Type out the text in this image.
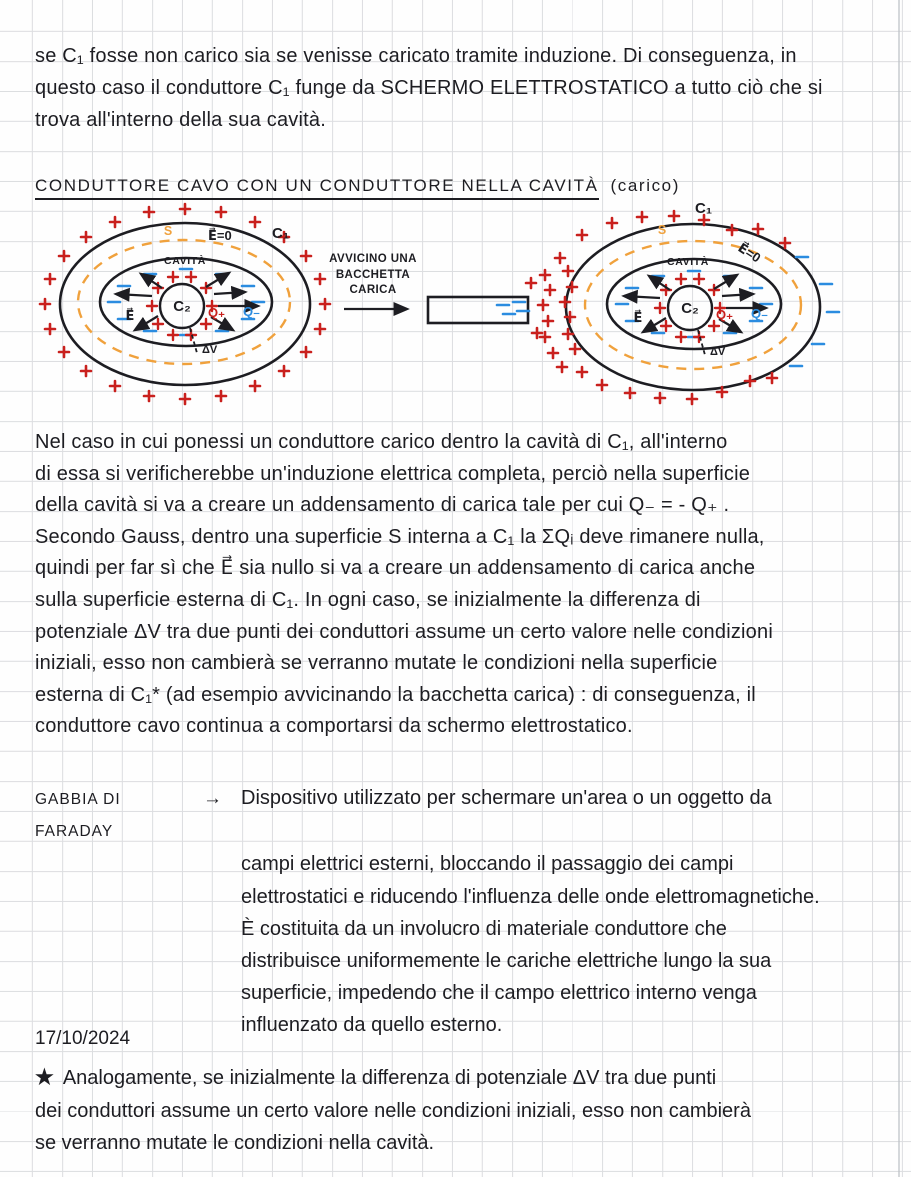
se C₁ fosse non carico sia se venisse caricato tramite induzione. Di conseguenza, in
questo caso il conduttore C₁ funge da SCHERMO ELETTROSTATICO a tutto ciò che si
trova all'interno della sua cavità.
CONDUTTORE CAVO CON UN CONDUTTORE NELLA CAVITÀ (carico)
CAVITÀ
C₂ Q₊ Q₋
E⃗
ΔV
S	E⃗=0	C₁
AVVICINO UNA
BACCHETTA
CARICA
CAVITÀ
C₂ Q₊ Q₋
E⃗
ΔV
S
E⃗=0
C₁
Nel caso in cui ponessi un conduttore carico dentro la cavità di C₁, all'interno
di essa si verificherebbe un'induzione elettrica completa, perciò nella superficie
della cavità si va a creare un addensamento di carica tale per cui Q₋ = - Q₊ .
Secondo Gauss, dentro una superficie S interna a C₁ la ΣQᵢ deve rimanere nulla,
quindi per far sì che E⃗ sia nullo si va a creare un addensamento di carica anche
sulla superficie esterna di C₁. In ogni caso, se inizialmente la differenza di
potenziale ΔV tra due punti dei conduttori assume un certo valore nelle condizioni
iniziali, esso non cambierà se verranno mutate le condizioni nella superficie
esterna di C₁* (ad esempio avvicinando la bacchetta carica) : di conseguenza, il
conduttore cavo continua a comportarsi da schermo elettrostatico.
GABBIA DI FARADAY
→ Dispositivo utilizzato per schermare un'area o un oggetto da
campi elettrici esterni, bloccando il passaggio dei campi
elettrostatici e riducendo l'influenza delle onde elettromagnetiche.
È costituita da un involucro di materiale conduttore che
distribuisce uniformemente le cariche elettriche lungo la sua
superficie, impedendo che il campo elettrico interno venga
influenzato da quello esterno.
17/10/2024
★ Analogamente, se inizialmente la differenza di potenziale ΔV tra due punti
dei conduttori assume un certo valore nelle condizioni iniziali, esso non cambierà
se verranno mutate le condizioni nella cavità.
